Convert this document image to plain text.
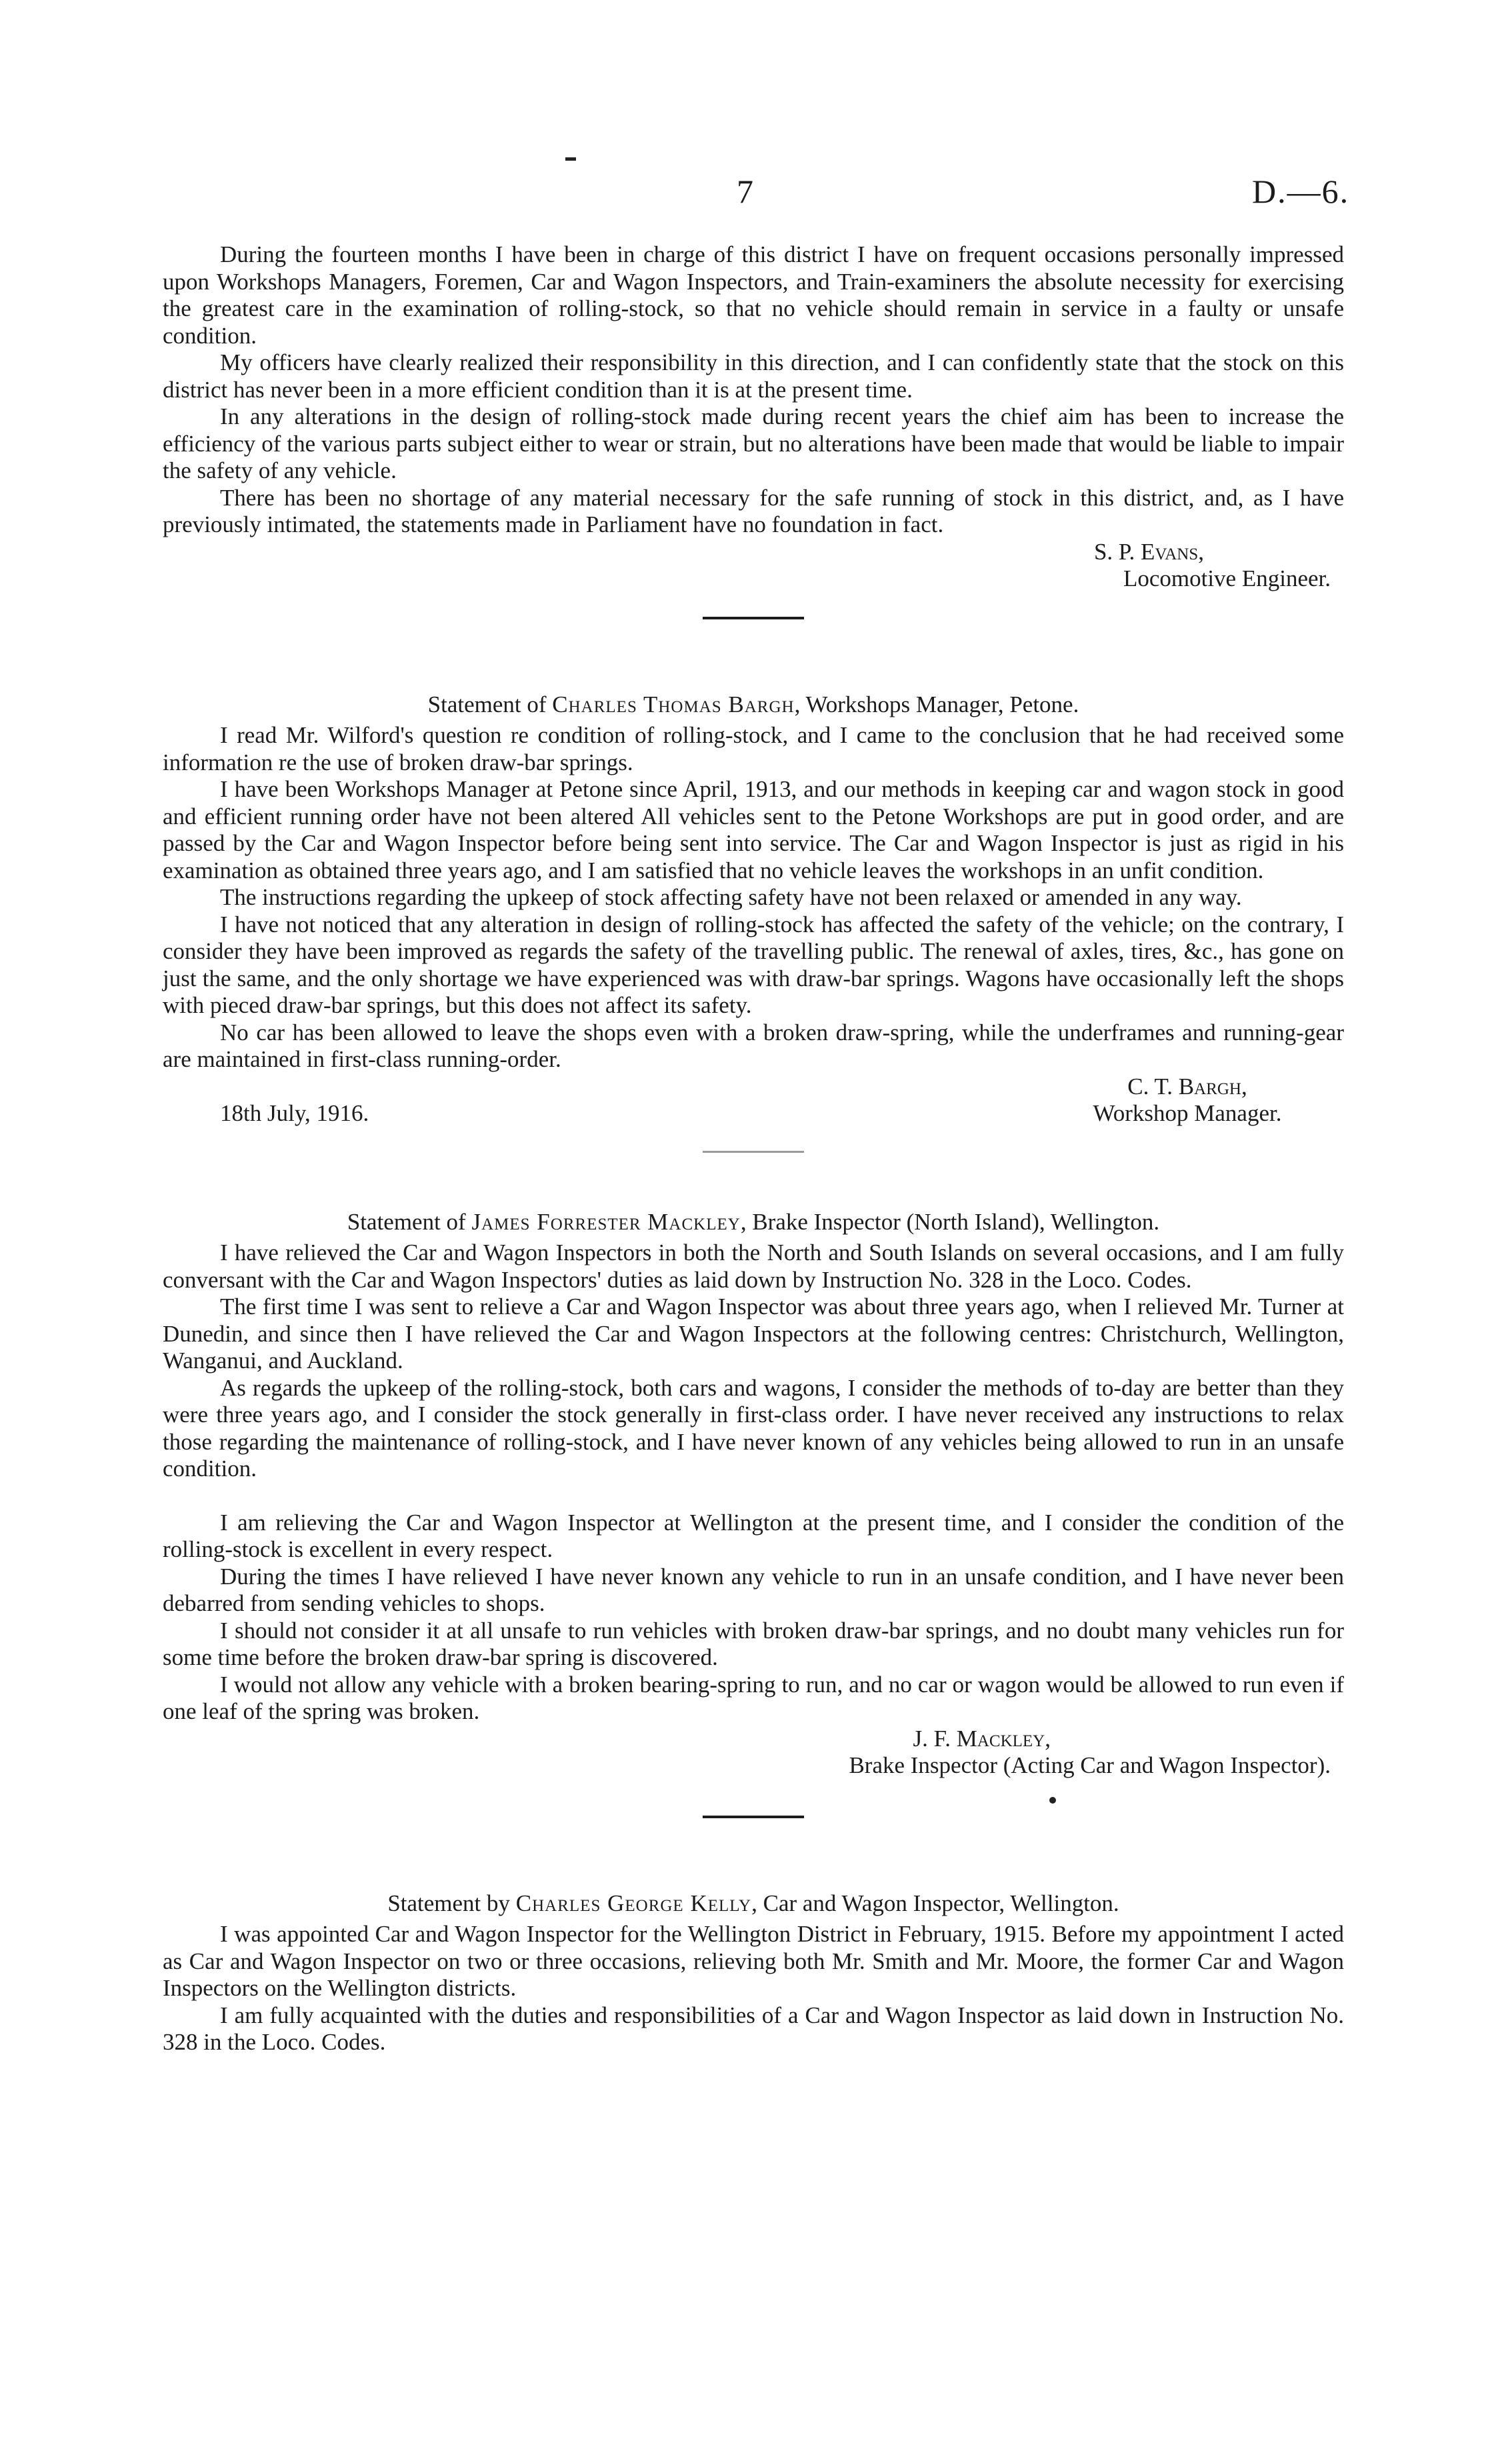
7	D.—6.

During the fourteen months I have been in charge of this district I have on frequent occasions personally impressed upon Workshops Managers, Foremen, Car and Wagon Inspectors, and Train-examiners the absolute necessity for exercising the greatest care in the examination of rolling-stock, so that no vehicle should remain in service in a faulty or unsafe condition.

My officers have clearly realized their responsibility in this direction, and I can confidently state that the stock on this district has never been in a more efficient condition than it is at the present time.

In any alterations in the design of rolling-stock made during recent years the chief aim has been to increase the efficiency of the various parts subject either to wear or strain, but no alterations have been made that would be liable to impair the safety of any vehicle.

There has been no shortage of any material necessary for the safe running of stock in this district, and, as I have previously intimated, the statements made in Parliament have no foundation in fact.

S. P. Evans,
Locomotive Engineer.
Statement of Charles Thomas Bargh, Workshops Manager, Petone.

I read Mr. Wilford's question re condition of rolling-stock, and I came to the conclusion that he had received some information re the use of broken draw-bar springs.

I have been Workshops Manager at Petone since April, 1913, and our methods in keeping car and wagon stock in good and efficient running order have not been altered All vehicles sent to the Petone Workshops are put in good order, and are passed by the Car and Wagon Inspector before being sent into service. The Car and Wagon Inspector is just as rigid in his examination as obtained three years ago, and I am satisfied that no vehicle leaves the workshops in an unfit condition.

The instructions regarding the upkeep of stock affecting safety have not been relaxed or amended in any way.

I have not noticed that any alteration in design of rolling-stock has affected the safety of the vehicle; on the contrary, I consider they have been improved as regards the safety of the travelling public. The renewal of axles, tires, &c., has gone on just the same, and the only shortage we have experienced was with draw-bar springs. Wagons have occasionally left the shops with pieced draw-bar springs, but this does not affect its safety.

No car has been allowed to leave the shops even with a broken draw-spring, while the underframes and running-gear are maintained in first-class running-order.

C. T. Bargh,
18th July, 1916.	Workshop Manager.
Statement of James Forrester Mackley, Brake Inspector (North Island), Wellington.

I have relieved the Car and Wagon Inspectors in both the North and South Islands on several occasions, and I am fully conversant with the Car and Wagon Inspectors' duties as laid down by Instruction No. 328 in the Loco. Codes.

The first time I was sent to relieve a Car and Wagon Inspector was about three years ago, when I relieved Mr. Turner at Dunedin, and since then I have relieved the Car and Wagon Inspectors at the following centres: Christchurch, Wellington, Wanganui, and Auckland.

As regards the upkeep of the rolling-stock, both cars and wagons, I consider the methods of to-day are better than they were three years ago, and I consider the stock generally in first-class order. I have never received any instructions to relax those regarding the maintenance of rolling-stock, and I have never known of any vehicles being allowed to run in an unsafe condition.

I am relieving the Car and Wagon Inspector at Wellington at the present time, and I consider the condition of the rolling-stock is excellent in every respect.

During the times I have relieved I have never known any vehicle to run in an unsafe condition, and I have never been debarred from sending vehicles to shops.

I should not consider it at all unsafe to run vehicles with broken draw-bar springs, and no doubt many vehicles run for some time before the broken draw-bar spring is discovered.

I would not allow any vehicle with a broken bearing-spring to run, and no car or wagon would be allowed to run even if one leaf of the spring was broken.

J. F. Mackley,
Brake Inspector (Acting Car and Wagon Inspector).
Statement by Charles George Kelly, Car and Wagon Inspector, Wellington.

I was appointed Car and Wagon Inspector for the Wellington District in February, 1915. Before my appointment I acted as Car and Wagon Inspector on two or three occasions, relieving both Mr. Smith and Mr. Moore, the former Car and Wagon Inspectors on the Wellington districts.

I am fully acquainted with the duties and responsibilities of a Car and Wagon Inspector as laid down in Instruction No. 328 in the Loco. Codes.
